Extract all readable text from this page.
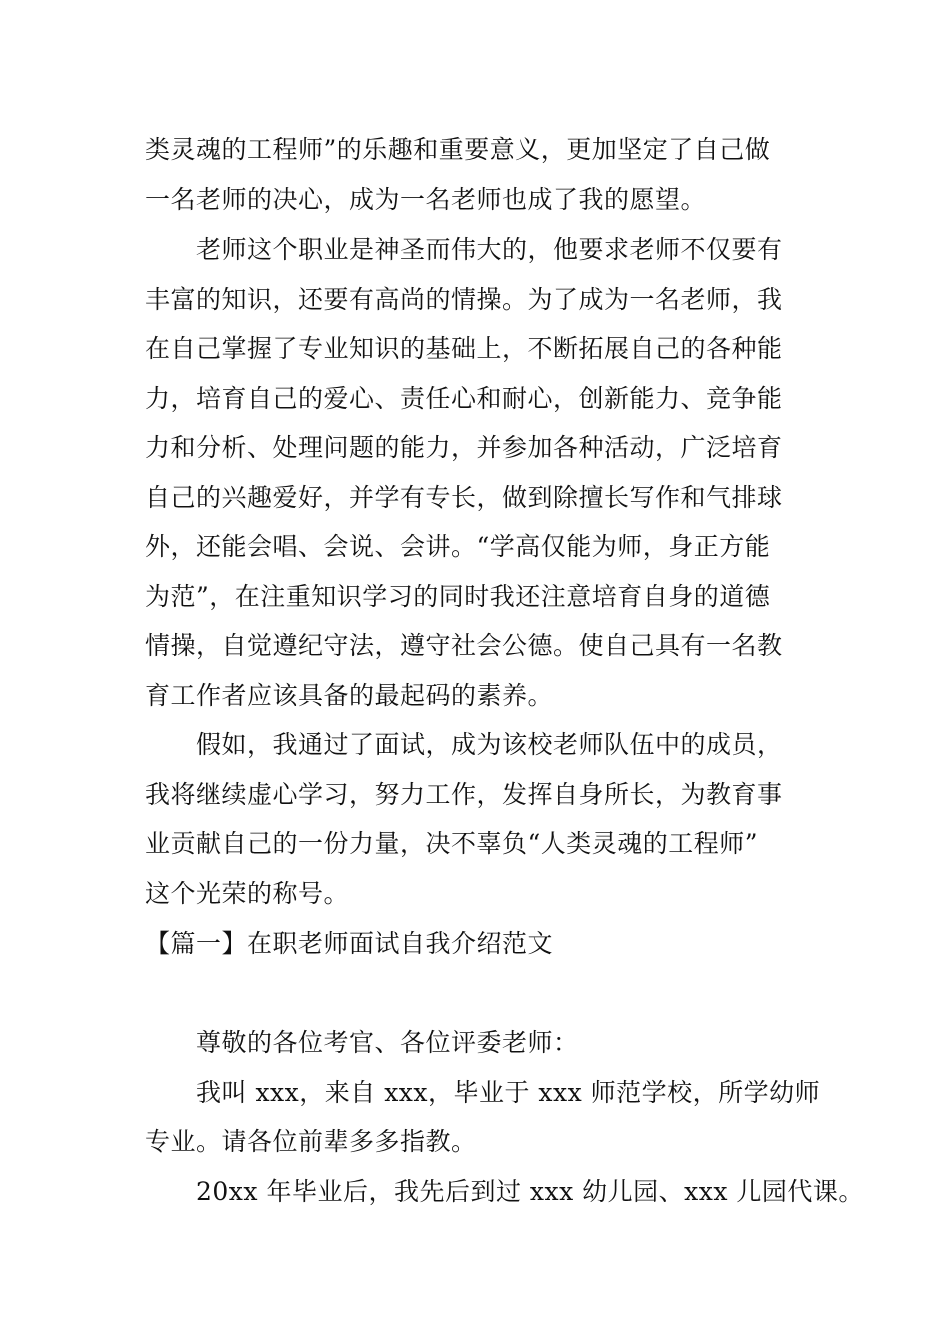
类灵魂的工程师”的乐趣和重要意义，更加坚定了自己做
一名老师的决心，成为一名老师也成了我的愿望。
老师这个职业是神圣而伟大的，他要求老师不仅要有
丰富的知识，还要有高尚的情操。为了成为一名老师，我
在自己掌握了专业知识的基础上，不断拓展自己的各种能
力，培育自己的爱心、责任心和耐心，创新能力、竞争能
力和分析、处理问题的能力，并参加各种活动，广泛培育
自己的兴趣爱好，并学有专长，做到除擅长写作和气排球
外，还能会唱、会说、会讲。“学高仅能为师，身正方能
为范”，在注重知识学习的同时我还注意培育自身的道德
情操，自觉遵纪守法，遵守社会公德。使自己具有一名教
育工作者应该具备的最起码的素养。
假如，我通过了面试，成为该校老师队伍中的成员，
我将继续虚心学习，努力工作，发挥自身所长，为教育事
业贡献自己的一份力量，决不辜负“人类灵魂的工程师”
这个光荣的称号。
【篇一】在职老师面试自我介绍范文
尊敬的各位考官、各位评委老师：
我叫 xxx，来自 xxx，毕业于 xxx 师范学校，所学幼师
专业。请各位前辈多多指教。
20xx 年毕业后，我先后到过 xxx 幼儿园、xxx 儿园代课。
